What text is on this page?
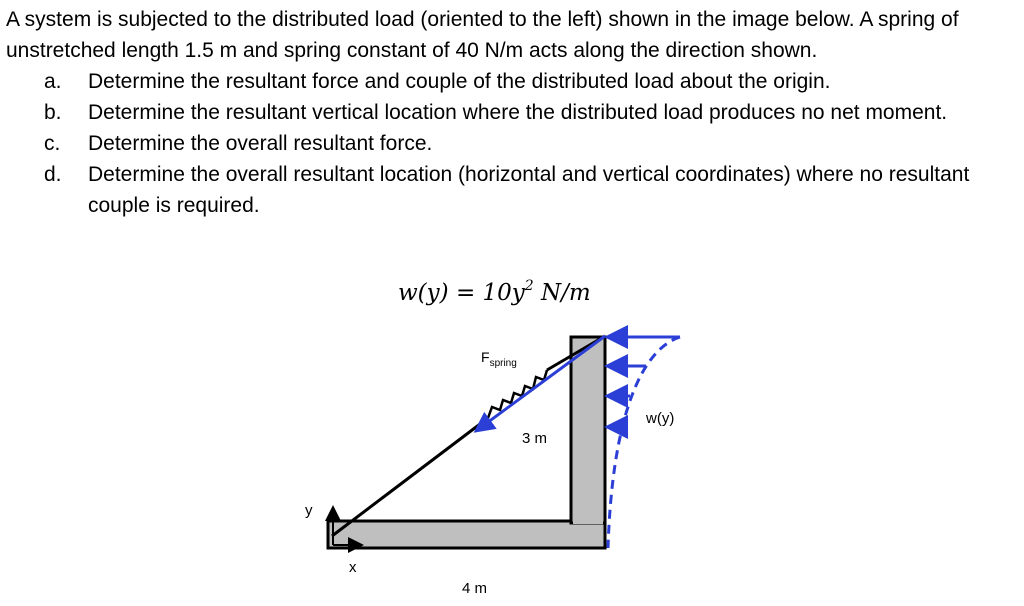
A system is subjected to the distributed load (oriented to the left) shown in the image below. A spring of unstretched length 1.5 m and spring constant of 40 N/m acts along the direction shown.

a. Determine the resultant force and couple of the distributed load about the origin.
b. Determine the resultant vertical location where the distributed load produces no net moment.
c. Determine the overall resultant force.
d. Determine the overall resultant location (horizontal and vertical coordinates) where no resultant couple is required.
$w(y) = 10y^2$ N/m
$F_{spring}$
w(y)
3 m
4 m
y
x
